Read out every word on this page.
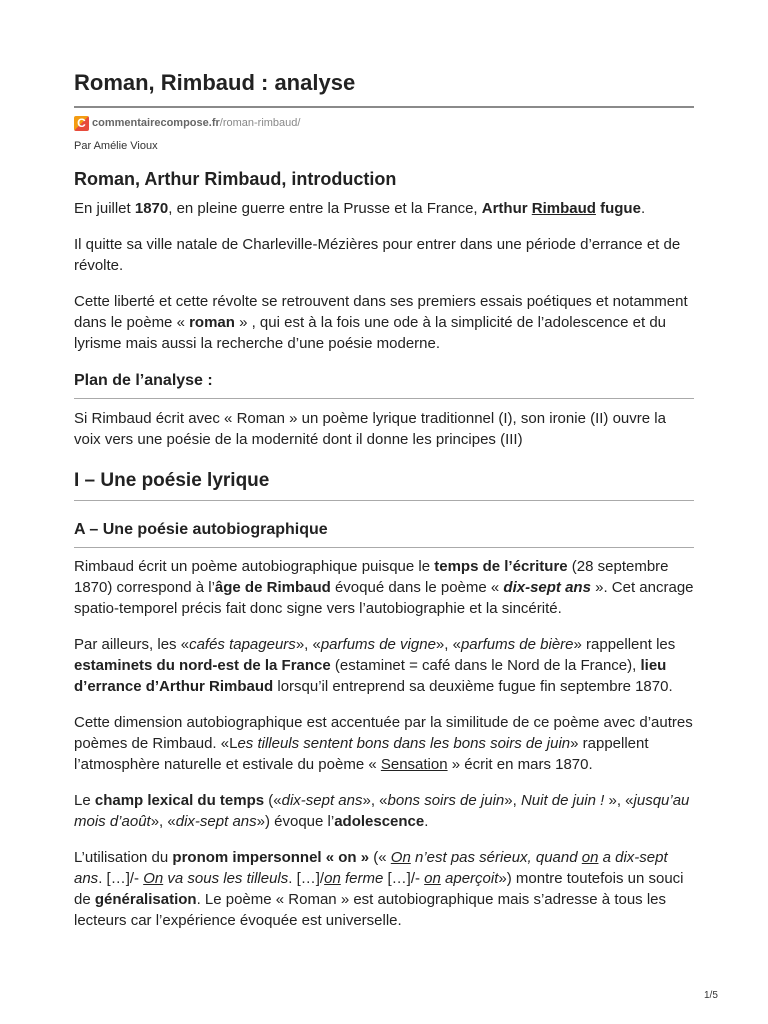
Roman, Rimbaud : analyse
C commentairecompose.fr/roman-rimbaud/
Par Amélie Vioux
Roman, Arthur Rimbaud, introduction

En juillet 1870, en pleine guerre entre la Prusse et la France, Arthur Rimbaud fugue.

Il quitte sa ville natale de Charleville-Mézières pour entrer dans une période d’errance et de révolte.

Cette liberté et cette révolte se retrouvent dans ses premiers essais poétiques et notamment dans le poème « roman » , qui est à la fois une ode à la simplicité de l’adolescence et du lyrisme mais aussi la recherche d’une poésie moderne.

Plan de l’analyse :

Si Rimbaud écrit avec « Roman » un poème lyrique traditionnel (I), son ironie (II) ouvre la voix vers une poésie de la modernité dont il donne les principes (III)

I – Une poésie lyrique
A – Une poésie autobiographique

Rimbaud écrit un poème autobiographique puisque le temps de l’écriture (28 septembre 1870) correspond à l’âge de Rimbaud évoqué dans le poème « dix-sept ans ». Cet ancrage spatio-temporel précis fait donc signe vers l’autobiographie et la sincérité.

Par ailleurs, les «cafés tapageurs», «parfums de vigne», «parfums de bière» rappellent les estaminets du nord-est de la France (estaminet = café dans le Nord de la France), lieu d’errance d’Arthur Rimbaud lorsqu’il entreprend sa deuxième fugue fin septembre 1870.

Cette dimension autobiographique est accentuée par la similitude de ce poème avec d’autres poèmes de Rimbaud. «Les tilleuls sentent bons dans les bons soirs de juin» rappellent l’atmosphère naturelle et estivale du poème « Sensation » écrit en mars 1870.

Le champ lexical du temps («dix-sept ans», «bons soirs de juin», Nuit de juin ! », «jusqu’au mois d’août», «dix-sept ans») évoque l’adolescence.

L’utilisation du pronom impersonnel « on » (« On n’est pas sérieux, quand on a dix-sept ans. […]/- On va sous les tilleuls. […]/on ferme […]/- on aperçoit») montre toutefois un souci de généralisation. Le poème « Roman » est autobiographique mais s’adresse à tous les lecteurs car l’expérience évoquée est universelle.

1/5
